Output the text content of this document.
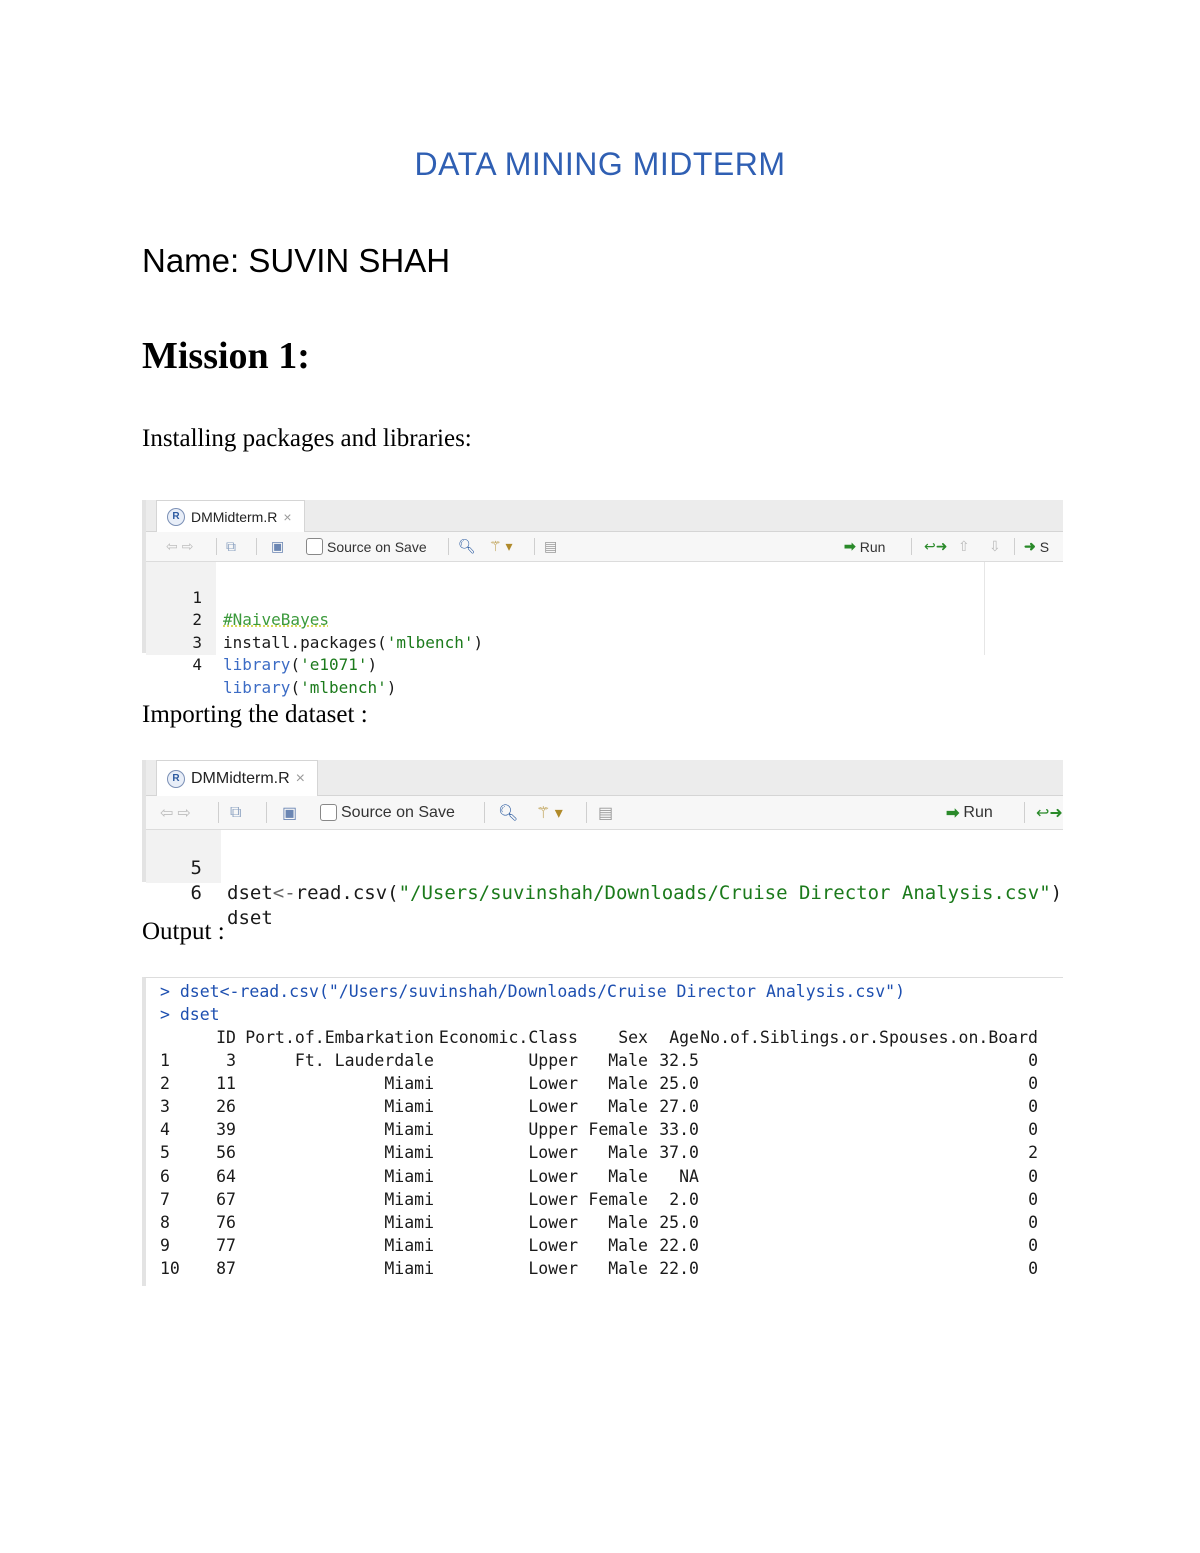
DATA MINING MIDTERM
Name: SUVIN SHAH
Mission 1:
Installing packages and libraries:
R DMMidterm.R ×
⇦ ⇨ ⧉	▣	Source on Save 🔍︎ ⚚ ▾ ▤	➡ Run	↩➜ ⇧ ⇩ ➜ S

1

#NaiveBayes

2

install.packages('mlbench')

3

library('e1071')

4

library('mlbench')

Importing the dataset :
R DMMidterm.R ×
⇦ ⇨ ⧉	▣	Source on Save	🔍︎ ⚚ ▾ ▤	➡ Run	↩➜

5

dset<-read.csv("/Users/suvinshah/Downloads/Cruise Director Analysis.csv")

6

dset

Output :
> dset<-read.csv("/Users/suvinshah/Downloads/Cruise Director Analysis.csv")
> dset
ID Port.of.Embarkation Economic.Class Sex Age No.of.Siblings.or.Spouses.on.Board
1	3	Ft. Lauderdale	Upper Male 32.5	0
2	11	Miami	Lower Male 25.0	0
3	26	Miami	Lower Male 27.0	0
4	39	Miami	Upper Female 33.0	0
5	56	Miami	Lower Male 37.0	2
6	64	Miami	Lower Male NA	0
7	67	Miami	Lower Female 2.0	0
8	76	Miami	Lower Male 25.0	0
9	77	Miami	Lower Male 22.0	0
10 87	Miami	Lower Male 22.0	0
